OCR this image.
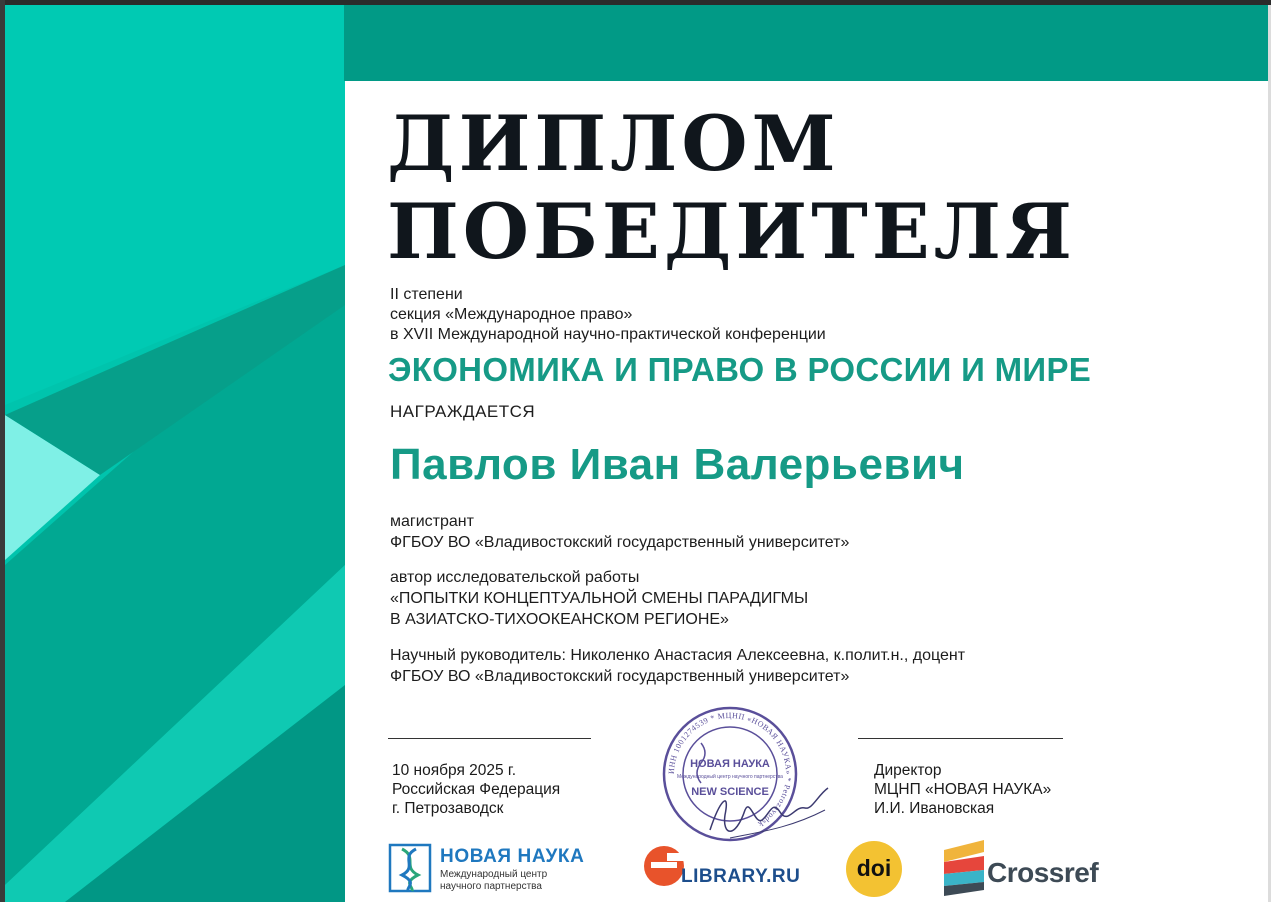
ДИПЛОМ
ПОБЕДИТЕЛЯ
II степени
секция «Международное право»
в XVII Международной научно-практической конференции
ЭКОНОМИКА И ПРАВО В РОССИИ И МИРЕ
НАГРАЖДАЕТСЯ
Павлов Иван Валерьевич
магистрант
ФГБОУ ВО «Владивостокский государственный университет»
автор исследовательской работы
«ПОПЫТКИ КОНЦЕПТУАЛЬНОЙ СМЕНЫ ПАРАДИГМЫ
В АЗИАТСКО-ТИХООКЕАНСКОМ РЕГИОНЕ»
Научный руководитель: Николенко Анастасия Алексеевна, к.полит.н., доцент
ФГБОУ ВО «Владивостокский государственный университет»
10 ноября 2025 г.
Российская Федерация
г. Петрозаводск
Директор
МЦНП «НОВАЯ НАУКА»
И.И. Ивановская
ИНН 1001274539 * МЦНП «НОВАЯ НАУКА» * Petrozavodsk
НОВАЯ НАУКА
Международный центр научного партнерства
NEW SCIENCE
НОВАЯ НАУКА
Международный центр
научного партнерства	LIBRARY.RU	doi	Crossref
